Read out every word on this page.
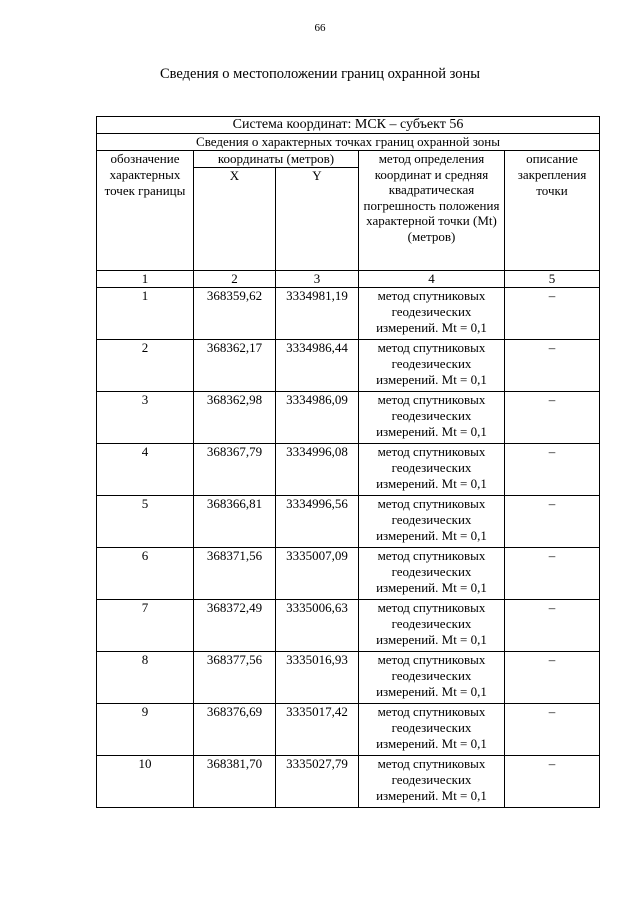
66
Сведения о местоположении границ охранной зоны
Система координат: МСК – субъект 56				
Сведения о характерных точках границ охранной зоны				
обозначение характерных точек границы	координаты (метров)		метод определения координат и средняя квадратическая погрешность положения характерной точки (Mt) (метров)	описание закрепления точки
	X	Y		
1	2	3	4	5
1	368359,62	3334981,19	метод спутниковых геодезических измерений. Mt = 0,1	–
2	368362,17	3334986,44	метод спутниковых геодезических измерений. Mt = 0,1	–
3	368362,98	3334986,09	метод спутниковых геодезических измерений. Mt = 0,1	–
4	368367,79	3334996,08	метод спутниковых геодезических измерений. Mt = 0,1	–
5	368366,81	3334996,56	метод спутниковых геодезических измерений. Mt = 0,1	–
6	368371,56	3335007,09	метод спутниковых геодезических измерений. Mt = 0,1	–
7	368372,49	3335006,63	метод спутниковых геодезических измерений. Mt = 0,1	–
8	368377,56	3335016,93	метод спутниковых геодезических измерений. Mt = 0,1	–
9	368376,69	3335017,42	метод спутниковых геодезических измерений. Mt = 0,1	–
10	368381,70	3335027,79	метод спутниковых геодезических измерений. Mt = 0,1	–
